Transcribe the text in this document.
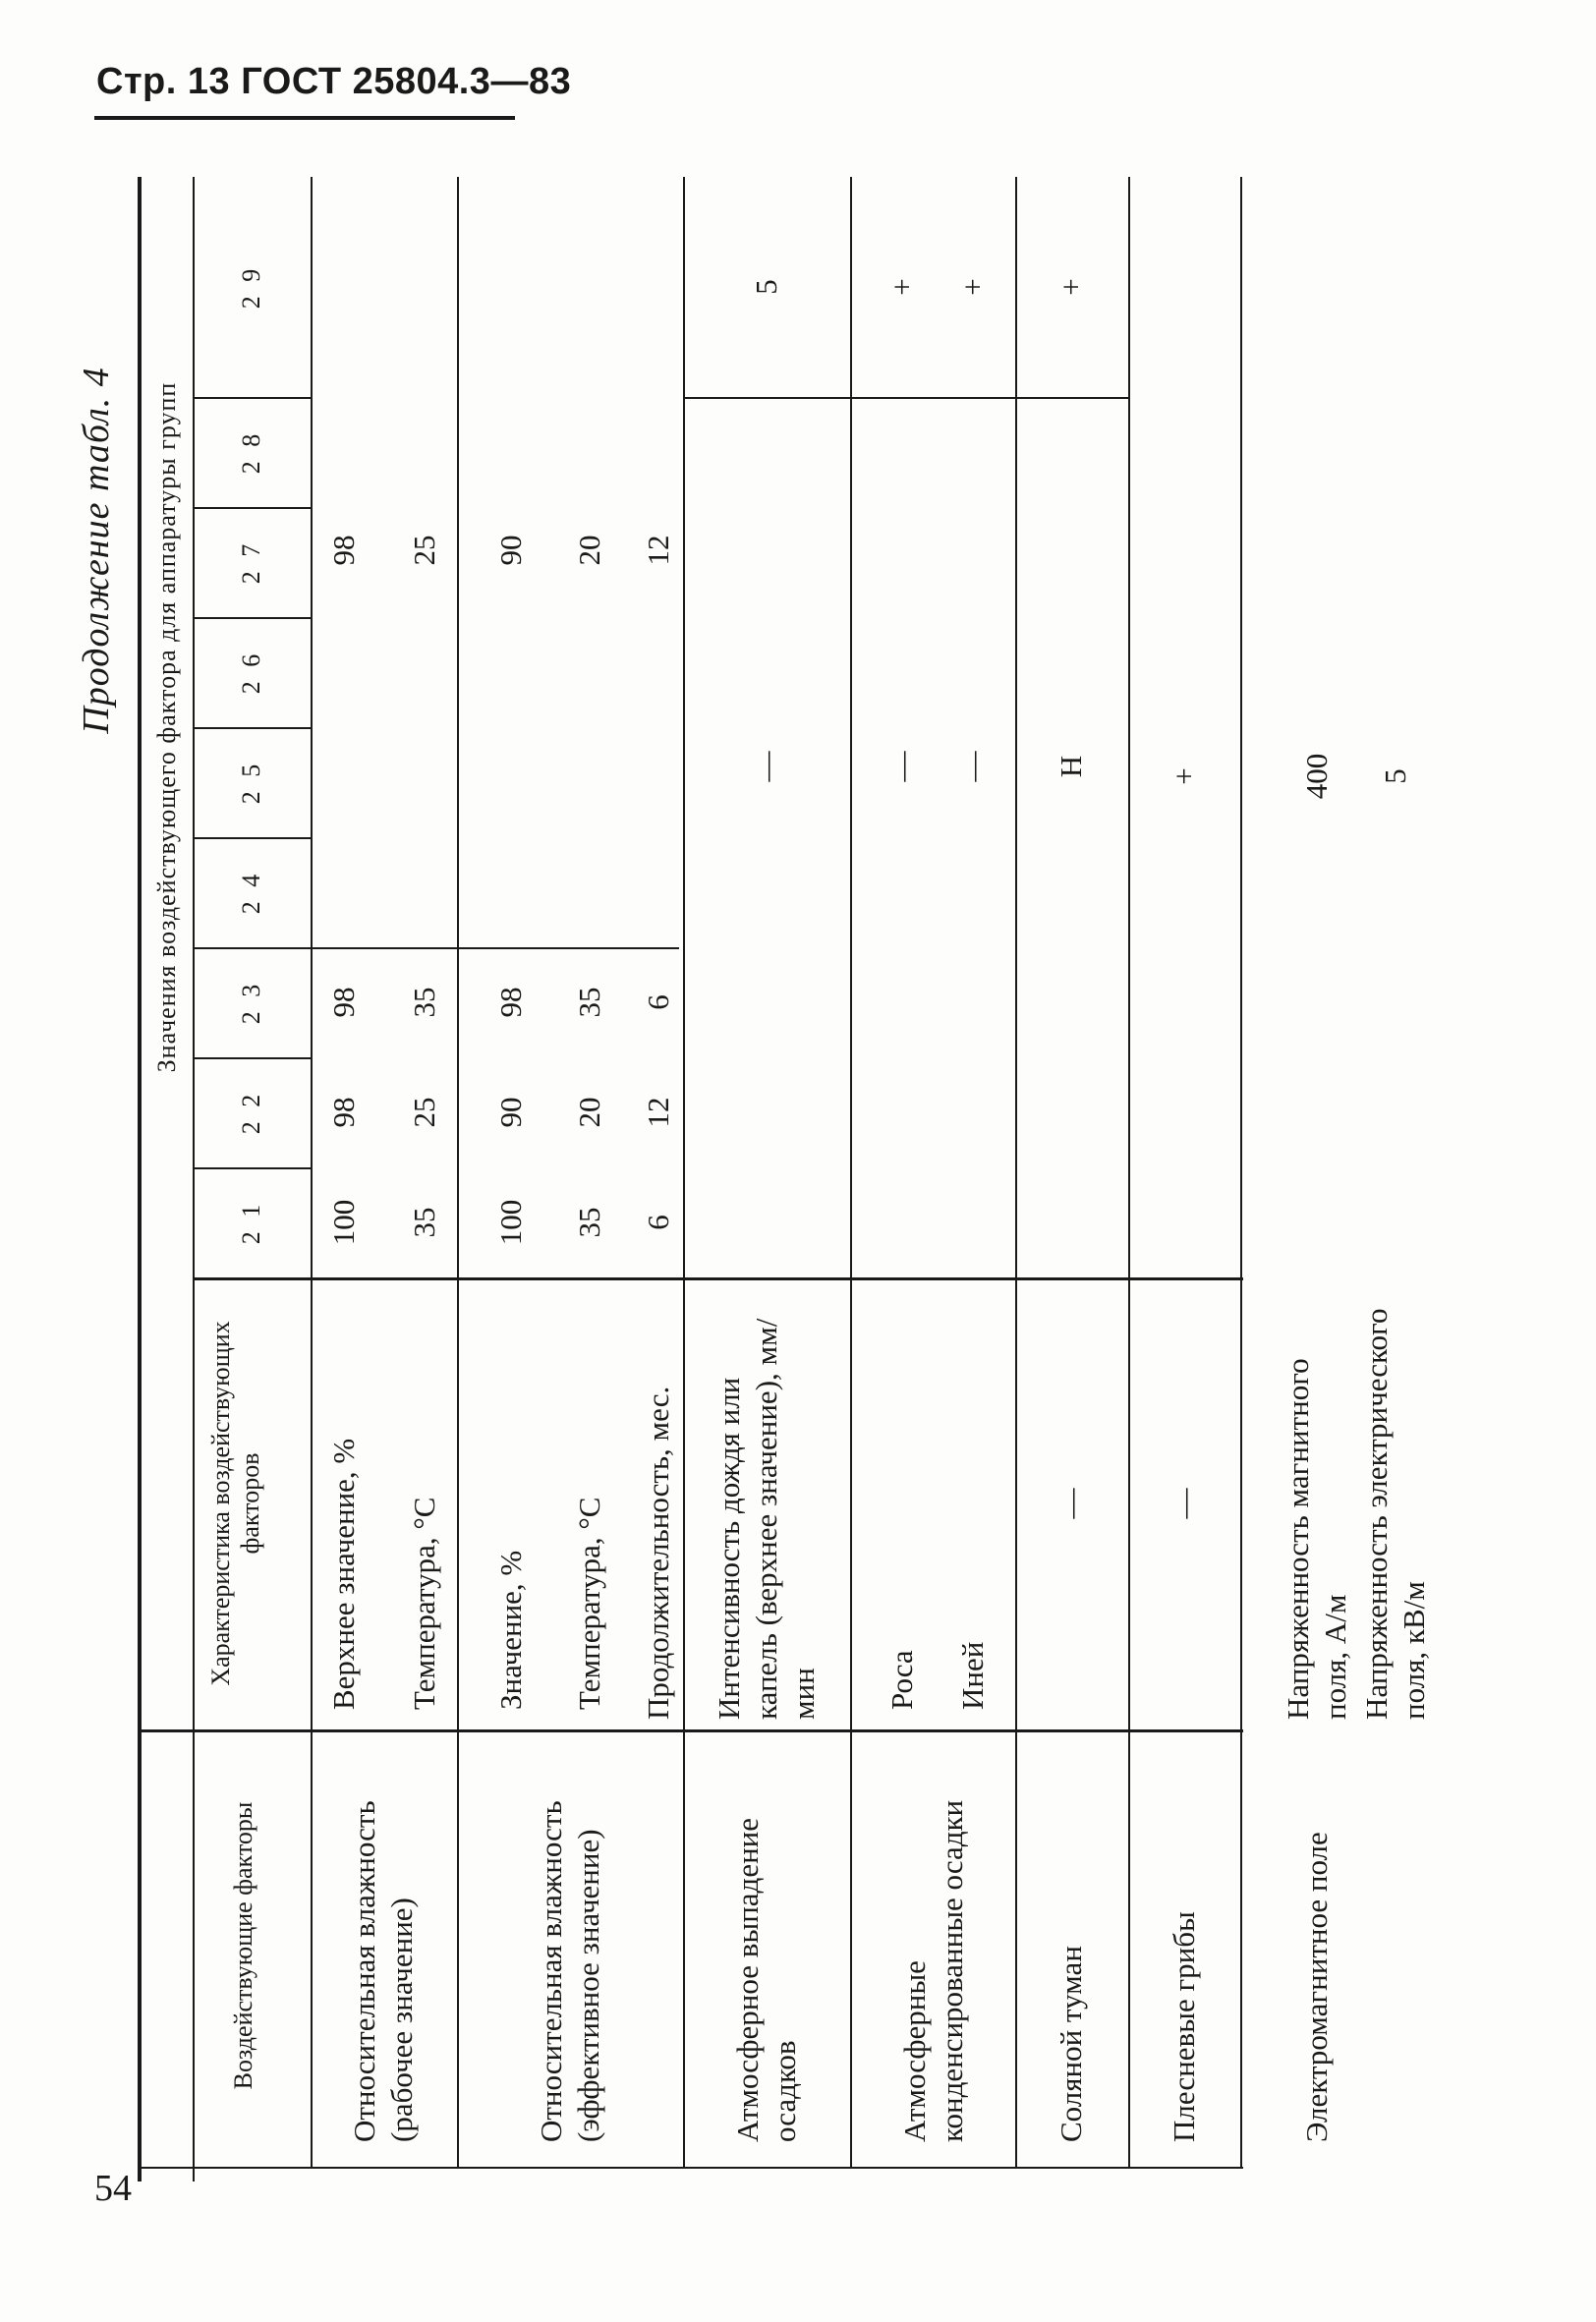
Стр. 13 ГОСТ 25804.3—83
54
Продолжение табл. 4
Воздействующие факторы
Характеристика воздействующих факторов
Значения воздействующего фактора для аппаратуры групп
2 1
2 2
2 3
2 4
2 5
2 6
2 7
2 8
2 9
Относительная влажность (рабочее значение)
Верхнее значение, % Температура, °С
100
98
98
98
35
25
35
25
Относительная влажность (эффективное значение)
Значение, % Температура, °С Продолжительность, мес.
100
90
98
90
35
20
35
20
6
12
6
12
Атмосферное выпадение осадков
Интенсивность дождя или капель (верхнее значение), мм/мин
—
5
Атмосферные конденсированные осадки
Роса Иней
— —
+ +
Соляной туман
—
Н
+
Плесневые грибы
—
+
Электромагнитное поле
Напряженность магнитного поля, А/м Напряженность электрического поля, кВ/м
400 5
